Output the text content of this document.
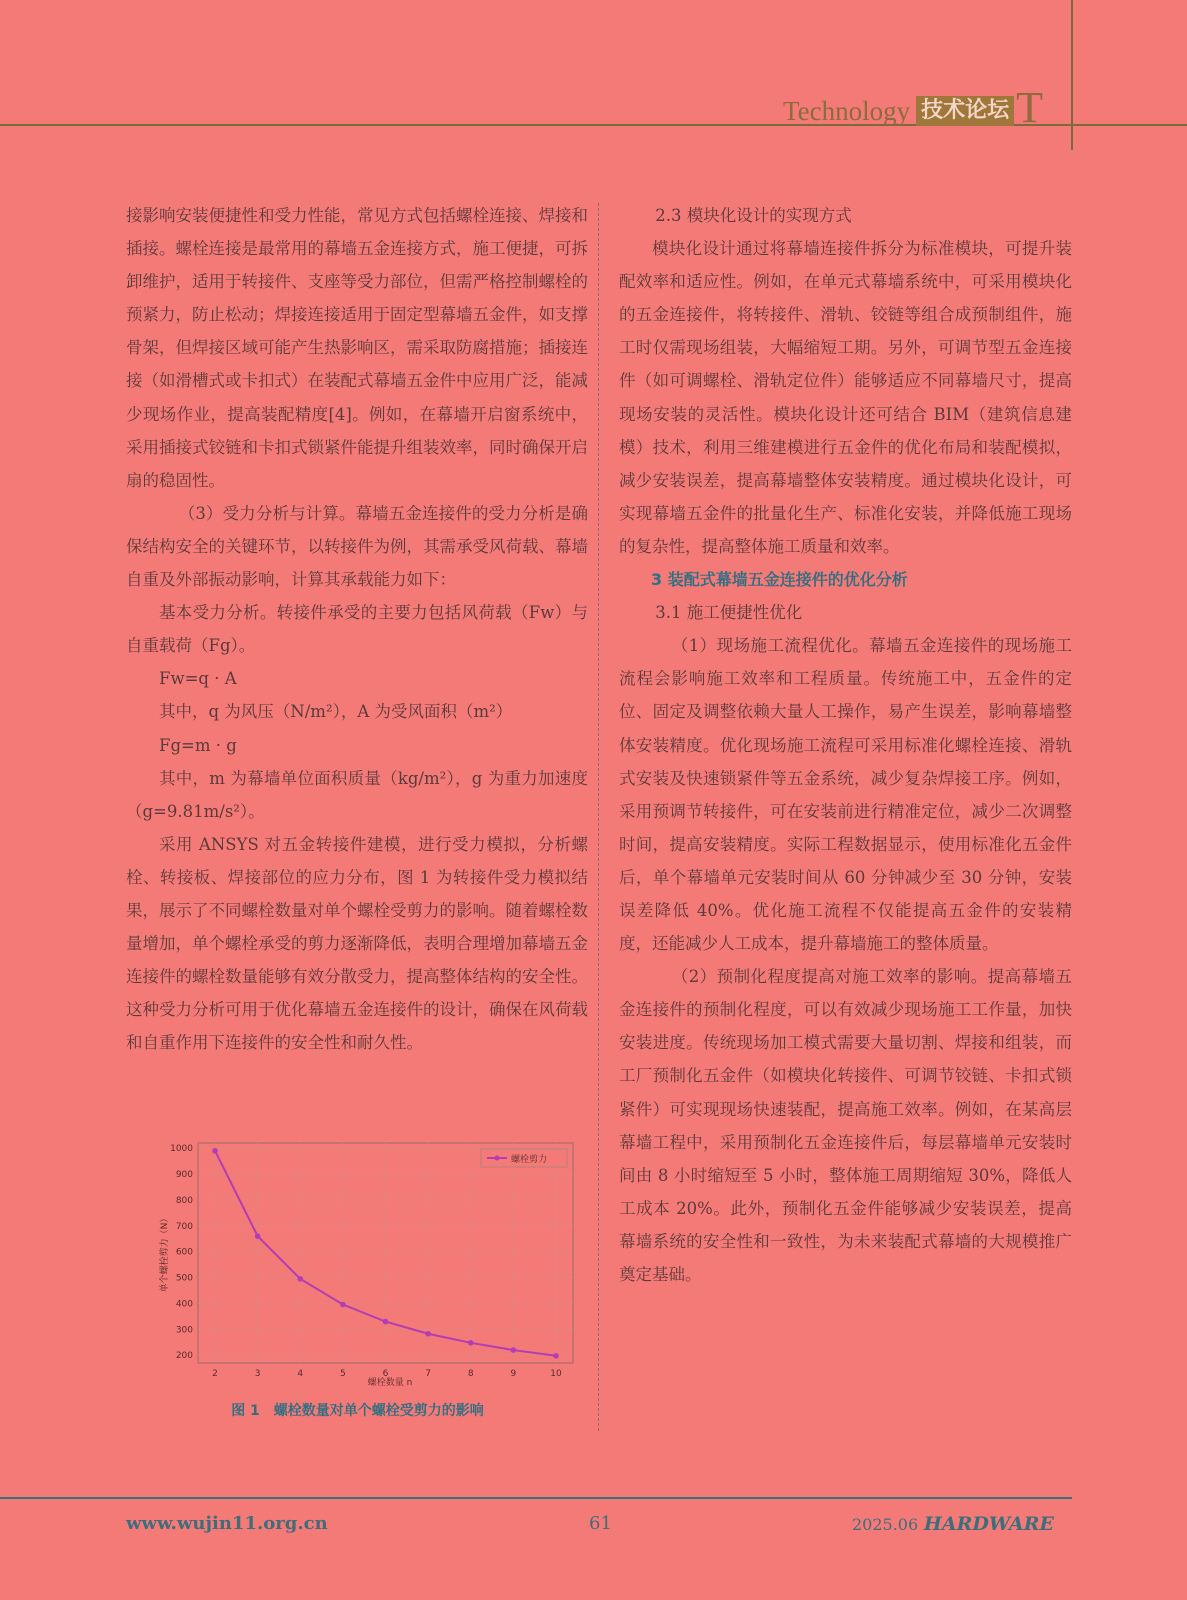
Technology 技术论坛 T

接影响安装便捷性和受力性能，常见方式包括螺栓连接、焊接和插接。螺栓连接是最常用的幕墙五金连接方式，施工便捷，可拆卸维护，适用于转接件、支座等受力部位，但需严格控制螺栓的预紧力，防止松动；焊接连接适用于固定型幕墙五金件，如支撑骨架，但焊接区域可能产生热影响区，需采取防腐措施；插接连接（如滑槽式或卡扣式）在装配式幕墙五金件中应用广泛，能减少现场作业，提高装配精度[4]。例如，在幕墙开启窗系统中，采用插接式铰链和卡扣式锁紧件能提升组装效率，同时确保开启扇的稳固性。

（3）受力分析与计算。幕墙五金连接件的受力分析是确保结构安全的关键环节，以转接件为例，其需承受风荷载、幕墙自重及外部振动影响，计算其承载能力如下：

基本受力分析。转接件承受的主要力包括风荷载（Fw）与自重载荷（Fg）。

Fw=q · A

其中，q 为风压（N/m²），A 为受风面积（m²）

Fg=m · g

其中，m 为幕墙单位面积质量（kg/m²），g 为重力加速度（g=9.81m/s²）。

采用 ANSYS 对五金转接件建模，进行受力模拟，分析螺栓、转接板、焊接部位的应力分布，图 1 为转接件受力模拟结果，展示了不同螺栓数量对单个螺栓受剪力的影响。随着螺栓数量增加，单个螺栓承受的剪力逐渐降低，表明合理增加幕墙五金连接件的螺栓数量能够有效分散受力，提高整体结构的安全性。这种受力分析可用于优化幕墙五金连接件的设计，确保在风荷载和自重作用下连接件的安全性和耐久性。

2.3 模块化设计的实现方式

模块化设计通过将幕墙连接件拆分为标准模块，可提升装配效率和适应性。例如，在单元式幕墙系统中，可采用模块化的五金连接件，将转接件、滑轨、铰链等组合成预制组件，施工时仅需现场组装，大幅缩短工期。另外，可调节型五金连接件（如可调螺栓、滑轨定位件）能够适应不同幕墙尺寸，提高现场安装的灵活性。模块化设计还可结合 BIM（建筑信息建模）技术，利用三维建模进行五金件的优化布局和装配模拟，减少安装误差，提高幕墙整体安装精度。通过模块化设计，可实现幕墙五金件的批量化生产、标准化安装，并降低施工现场的复杂性，提高整体施工质量和效率。

3 装配式幕墙五金连接件的优化分析

3.1 施工便捷性优化

（1）现场施工流程优化。幕墙五金连接件的现场施工流程会影响施工效率和工程质量。传统施工中，五金件的定位、固定及调整依赖大量人工操作，易产生误差，影响幕墙整体安装精度。优化现场施工流程可采用标准化螺栓连接、滑轨式安装及快速锁紧件等五金系统，减少复杂焊接工序。例如，采用预调节转接件，可在安装前进行精准定位，减少二次调整时间，提高安装精度。实际工程数据显示，使用标准化五金件后，单个幕墙单元安装时间从 60 分钟减少至 30 分钟，安装误差降低 40%。优化施工流程不仅能提高五金件的安装精度，还能减少人工成本，提升幕墙施工的整体质量。

（2）预制化程度提高对施工效率的影响。提高幕墙五金连接件的预制化程度，可以有效减少现场施工工作量，加快安装进度。传统现场加工模式需要大量切割、焊接和组装，而工厂预制化五金件（如模块化转接件、可调节铰链、卡扣式锁紧件）可实现现场快速装配，提高施工效率。例如，在某高层幕墙工程中，采用预制化五金连接件后，每层幕墙单元安装时间由 8 小时缩短至 5 小时，整体施工周期缩短 30%，降低人工成本 20%。此外，预制化五金件能够减少安装误差，提高幕墙系统的安全性和一致性，为未来装配式幕墙的大规模推广奠定基础。

200
300
400
500
600
700
800
900
1000
2	3	4	5	6	7	8	9	10
螺栓剪力
螺栓数量 n
单个螺栓剪力（N）
图 1　螺栓数量对单个螺栓受剪力的影响
www.wujin11.org.cn	61	2025.06 HARDWARE
